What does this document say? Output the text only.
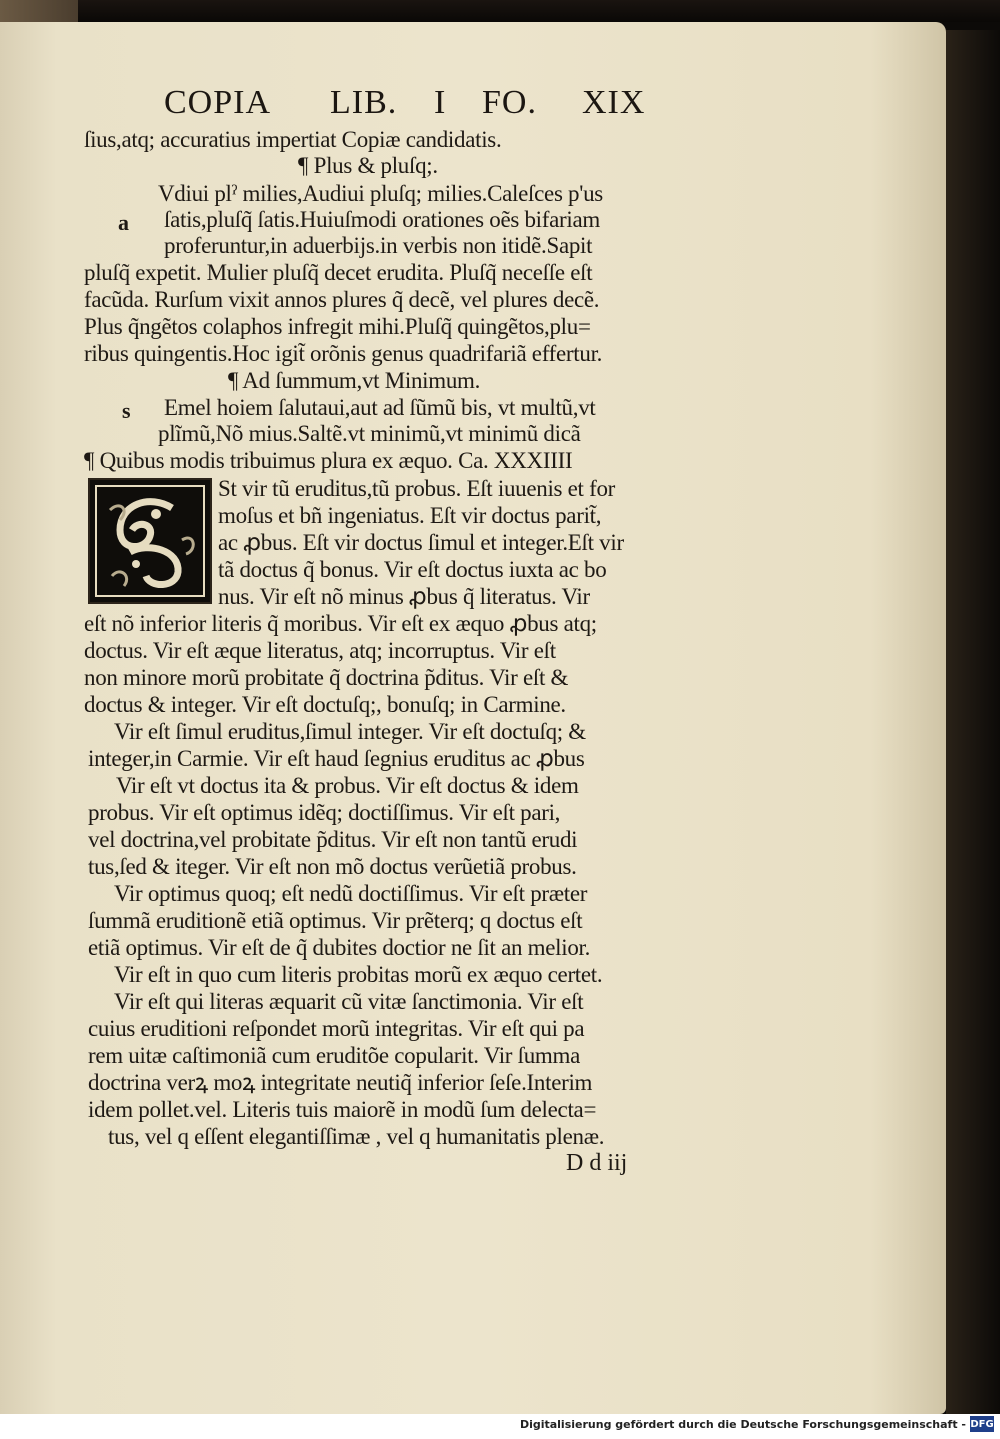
COPIA LIB. I FO. XIX
a
s
ſius,atq; accuratius impertiat Copiæ candidatis.
¶ Plus & pluſq;.
Vdiui plˀ milies,Audiui pluſq; milies.Caleſces p'us
ſatis,pluſq̃ ſatis.Huiuſmodi orationes oẽs bifariam
proferuntur,in aduerbĳs.in verbis non itidẽ.Sapit
pluſq̃ expetit. Mulier pluſq̃ decet erudita. Pluſq̃ neceſſe eſt
facũda. Rurſum vixit annos plures q̃ decẽ, vel plures decẽ.
Plus q̃ngẽtos colaphos infregit mihi.Pluſq̃ quingẽtos,plu=
ribus quingentis.Hoc igit̃ orõnis genus quadrifariã effertur.
¶ Ad ſummum,vt Minimum.
Emel hoiem ſalutaui,aut ad ſũmũ bis, vt multũ,vt
plĩmũ,Nõ mius.Saltẽ.vt minimũ,vt minimũ dicã
¶ Quibus modis tribuimus plura ex æquo. Ca. XXXIIII
St vir tũ eruditus,tũ probus. Eſt iuuenis et for
moſus et bñ ingeniatus. Eſt vir doctus parit̃,
ac ꝓbus. Eſt vir doctus ſimul et integer.Eſt vir
tã doctus q̃ bonus. Vir eſt doctus iuxta ac bo
nus. Vir eſt nõ minus ꝓbus q̃ literatus. Vir
eſt nõ inferior literis q̃ moribus. Vir eſt ex æquo ꝓbus atq;
doctus. Vir eſt æque literatus, atq; incorruptus. Vir eſt
non minore morũ probitate q̃ doctrina p̃ditus. Vir eſt &
doctus & integer. Vir eſt doctuſq;, bonuſq; in Carmine.
Vir eſt ſimul eruditus,ſimul integer. Vir eſt doctuſq; &
integer,in Carmie. Vir eſt haud ſegnius eruditus ac ꝓbus
Vir eſt vt doctus ita & probus. Vir eſt doctus & idem
probus. Vir eſt optimus idẽq; doctiſſimus. Vir eſt pari,
vel doctrina,vel probitate p̃ditus. Vir eſt non tantũ erudi
tus,ſed & iteger. Vir eſt non mõ doctus verũetiã probus.
Vir optimus quoq; eſt nedũ doctiſſimus. Vir eſt præter
ſummã eruditionẽ etiã optimus. Vir prẽterq; q doctus eſt
etiã optimus. Vir eſt de q̃ dubites doctior ne ſit an melior.
Vir eſt in quo cum literis probitas morũ ex æquo certet.
Vir eſt qui literas æquarit cũ vitæ ſanctimonia. Vir eſt
cuius eruditioni reſpondet morũ integritas. Vir eſt qui pa
rem uitæ caſtimoniã cum eruditõe copularit. Vir ſumma
doctrina verꝝ moꝝ integritate neutiq̃ inferior ſeſe.Interim
idem pollet.vel. Literis tuis maiorẽ in modũ ſum delecta=
tus, vel q eſſent elegantiſſimæ , vel q humanitatis plenæ.
D d iij
Digitalisierung gefördert durch die Deutsche Forschungsgemeinschaft - DFG
